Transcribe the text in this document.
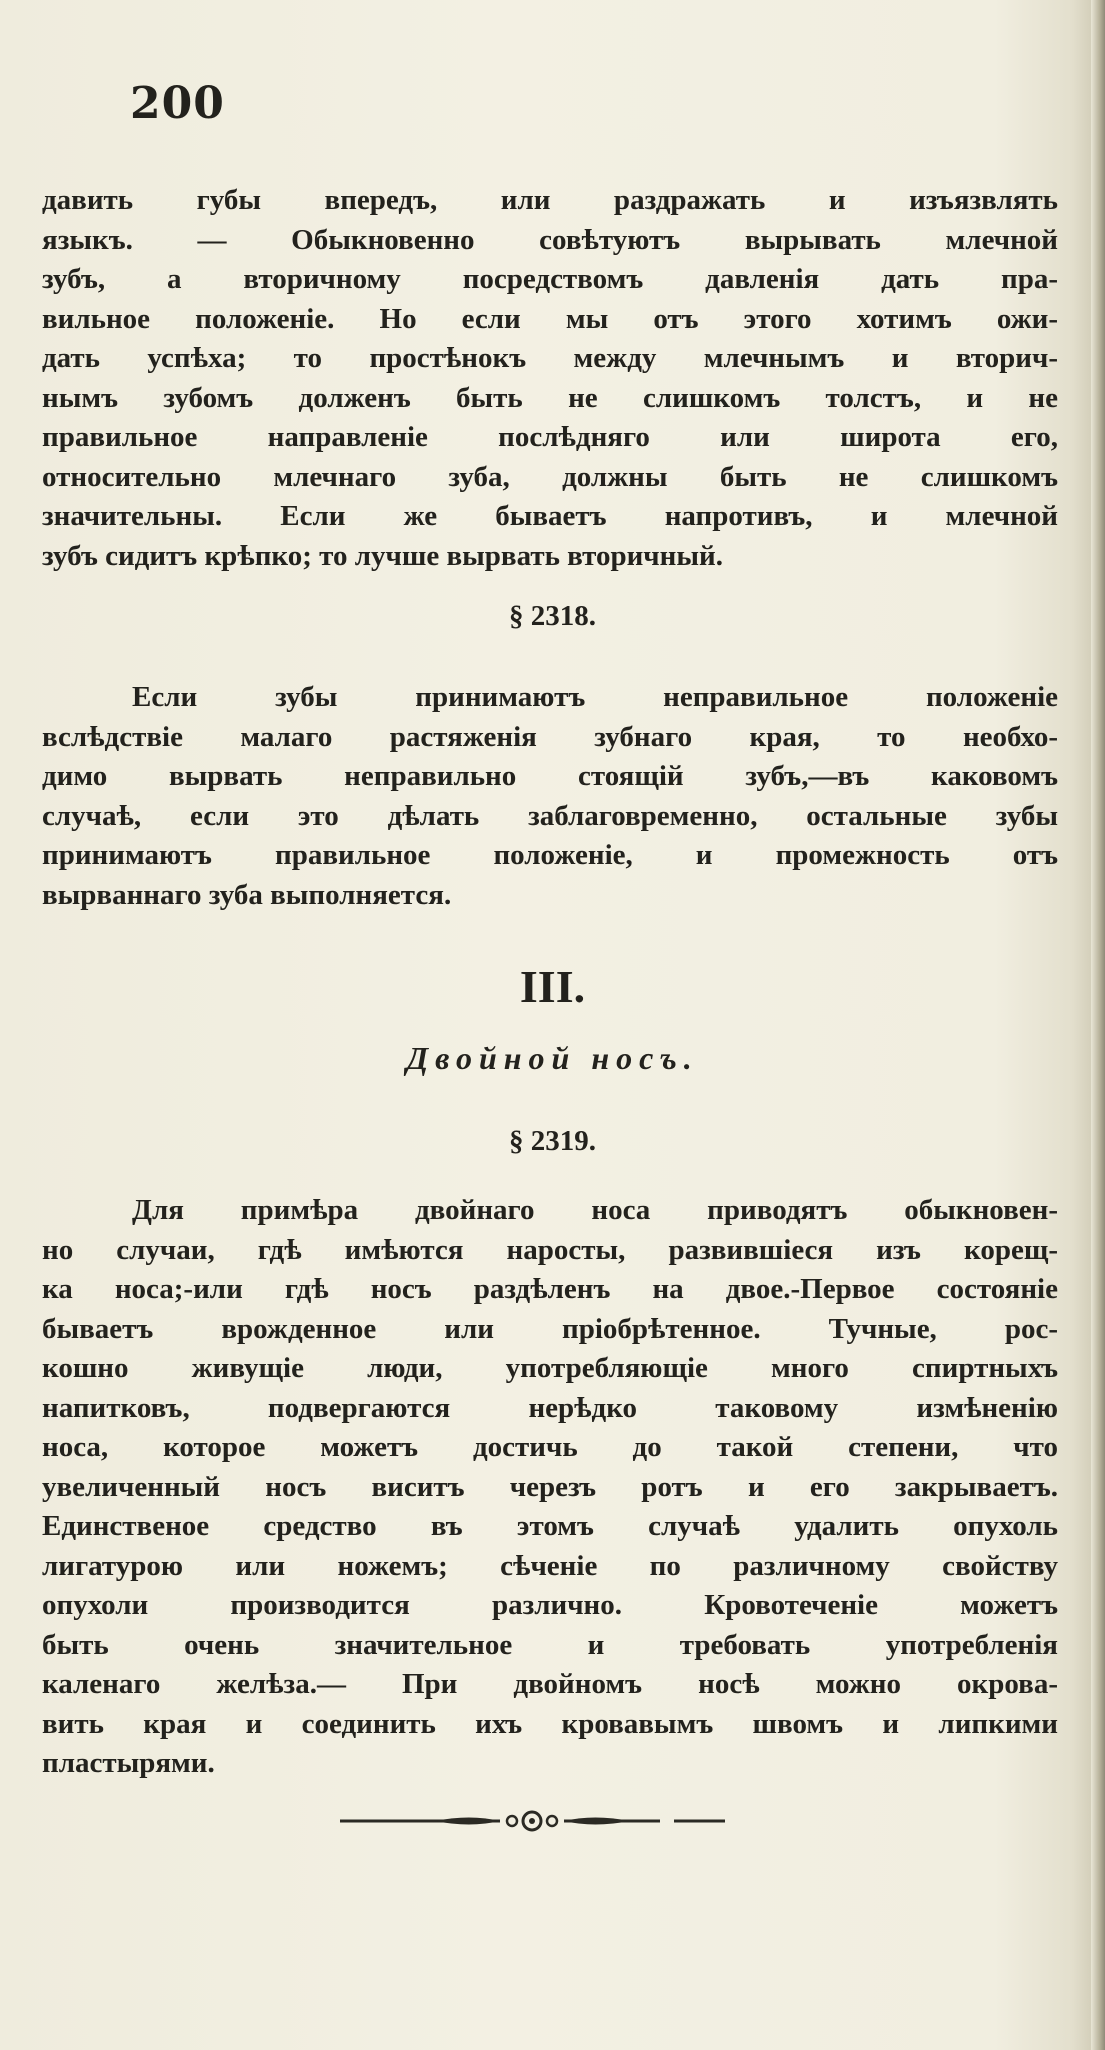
200
давить губы впередъ, или раздражать и изъязвлять
языкъ. — Обыкновенно совѣтуютъ вырывать млечной
зубъ, а вторичному посредствомъ давленія дать пра-
вильное положеніе. Но если мы отъ этого хотимъ ожи-
дать успѣха; то простѣнокъ между млечнымъ и вторич-
нымъ зубомъ долженъ быть не слишкомъ толстъ, и не
правильное направленіе послѣдняго или широта его,
относительно млечнаго зуба, должны быть не слишкомъ
значительны. Если же бываетъ напротивъ, и млечной
зубъ сидитъ крѣпко; то лучше вырвать вторичный.
§ 2318.
Если зубы принимаютъ неправильное положеніе
вслѣдствіе малаго растяженія зубнаго края, то необхо-
димо вырвать неправильно стоящій зубъ,—въ каковомъ
случаѣ, если это дѣлать заблаговременно, остальные зубы
принимаютъ правильное положеніе, и промежность отъ
вырваннаго зуба выполняется.
III.
Двойной носъ.
§ 2319.
Для примѣра двойнаго носа приводятъ обыкновен-
но случаи, гдѣ имѣются наросты, развившіеся изъ корещ-
ка носа;-или гдѣ носъ раздѣленъ на двое.-Первое состояніе
бываетъ врожденное или пріобрѣтенное. Тучные, рос-
кошно живущіе люди, употребляющіе много спиртныхъ
напитковъ, подвергаются нерѣдко таковому измѣненію
носа, которое можетъ достичь до такой степени, что
увеличенный носъ виситъ черезъ ротъ и его закрываетъ.
Единственое средство въ этомъ случаѣ удалить опухоль
лигатурою или ножемъ; сѣченіе по различному свойству
опухоли производится различно. Кровотеченіе можетъ
быть очень значительное и требовать употребленія
каленаго желѣза.— При двойномъ носѣ можно окрова-
вить края и соединить ихъ кровавымъ швомъ и липкими
пластырями.
